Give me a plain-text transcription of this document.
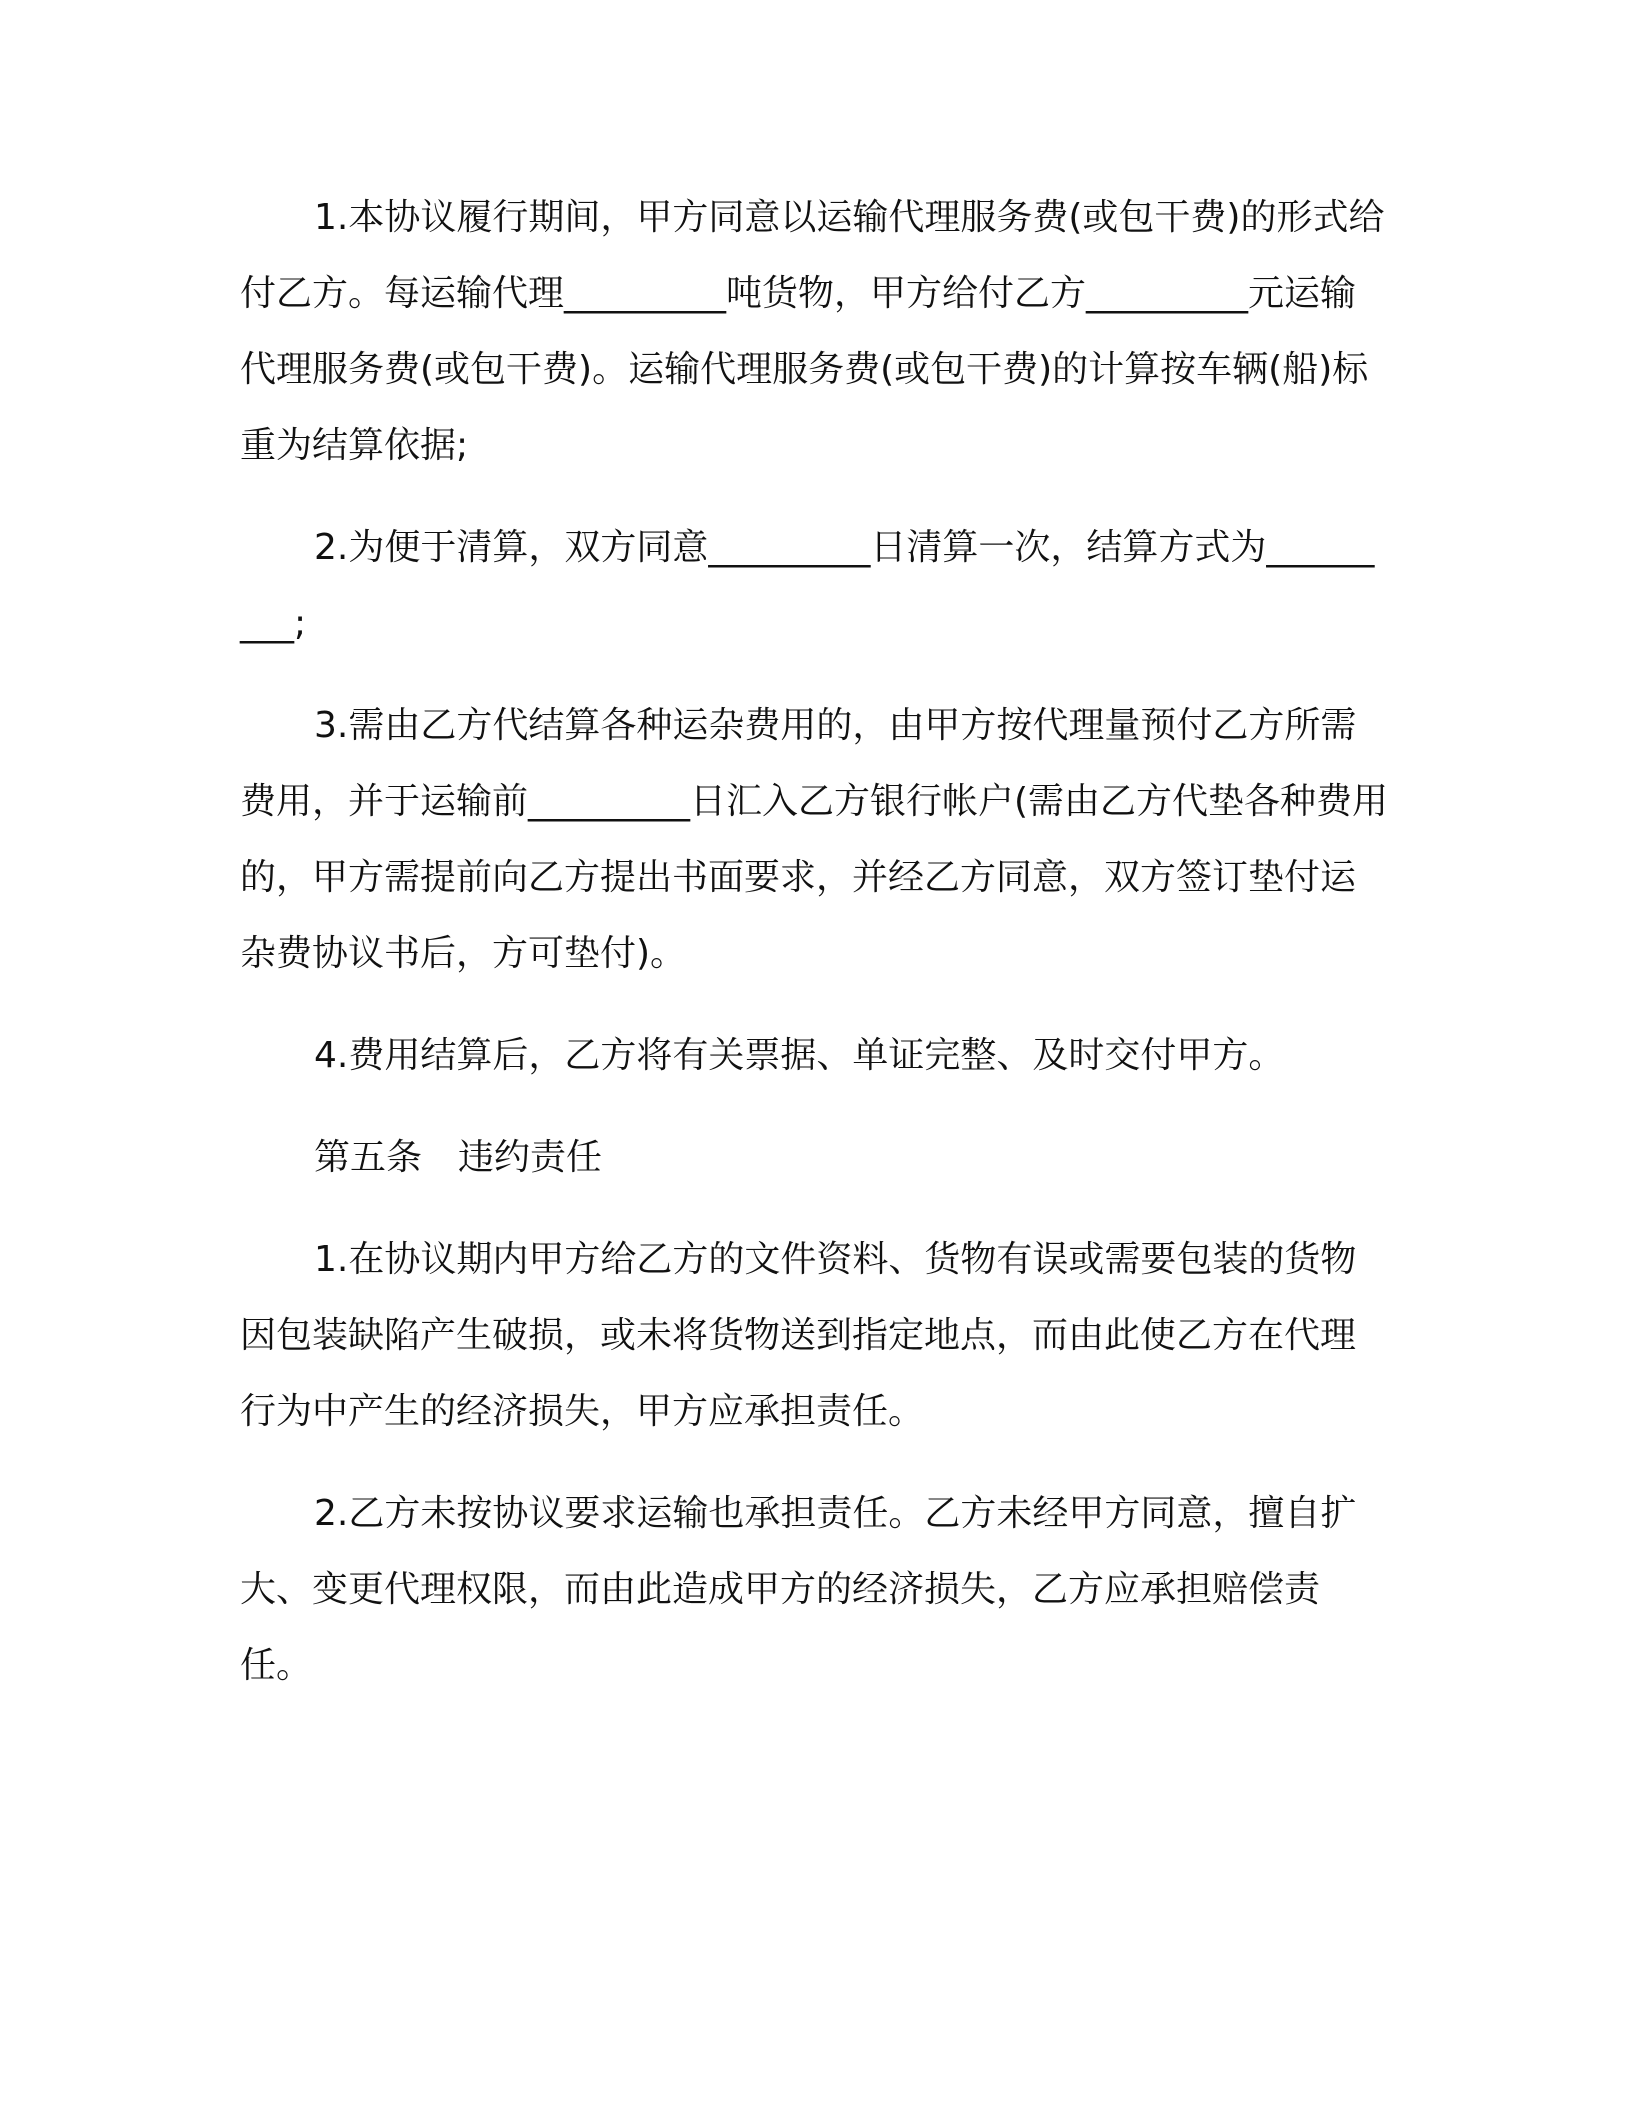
1.本协议履行期间，甲方同意以运输代理服务费(或包干费)的形式给付乙方。每运输代理_________吨货物，甲方给付乙方_________元运输代理服务费(或包干费)。运输代理服务费(或包干费)的计算按车辆(船)标重为结算依据;

2.为便于清算，双方同意_________日清算一次，结算方式为_________;

3.需由乙方代结算各种运杂费用的，由甲方按代理量预付乙方所需费用，并于运输前_________日汇入乙方银行帐户(需由乙方代垫各种费用的，甲方需提前向乙方提出书面要求，并经乙方同意，双方签订垫付运杂费协议书后，方可垫付)。

4.费用结算后，乙方将有关票据、单证完整、及时交付甲方。

第五条　违约责任

1.在协议期内甲方给乙方的文件资料、货物有误或需要包装的货物因包装缺陷产生破损，或未将货物送到指定地点，而由此使乙方在代理行为中产生的经济损失，甲方应承担责任。

2.乙方未按协议要求运输也承担责任。乙方未经甲方同意，擅自扩大、变更代理权限，而由此造成甲方的经济损失，乙方应承担赔偿责任。
